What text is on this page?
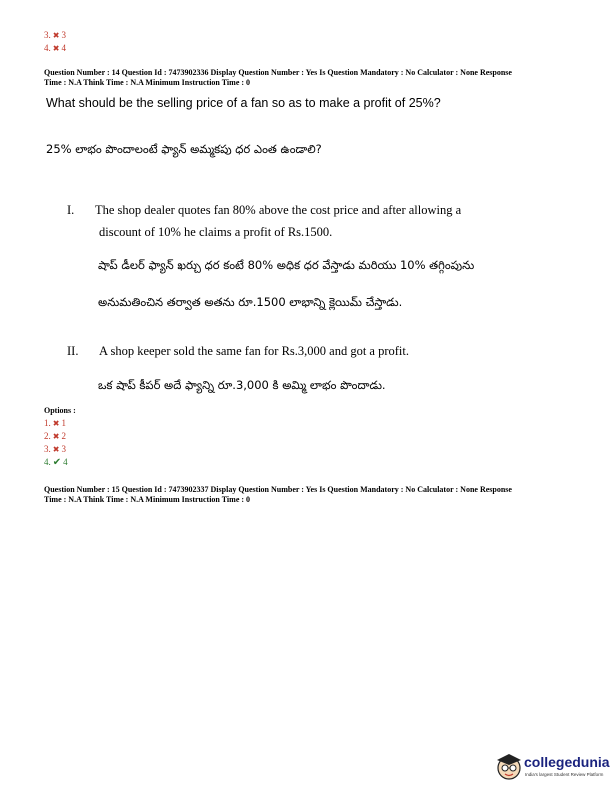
3. ✖ 3
4. ✖ 4
Question Number : 14 Question Id : 7473902336 Display Question Number : Yes Is Question Mandatory : No Calculator : None Response
Time : N.A Think Time : N.A Minimum Instruction Time : 0
What should be the selling price of a fan so as to make a profit of 25%?
25% లాభం పొందాలంటే ఫ్యాన్ అమ్మకపు ధర ఎంత ఉండాలి?
I. The shop dealer quotes fan 80% above the cost price and after allowing a
discount of 10% he claims a profit of Rs.1500.
షాప్ డీలర్ ఫ్యాన్ ఖర్చు ధర కంటే 80% అధిక ధర వేస్తాడు మరియు 10% తగ్గింపును
అనుమతించిన తర్వాత అతను రూ.1500 లాభాన్ని క్లెయిమ్ చేస్తాడు.
II. A shop keeper sold the same fan for Rs.3,000 and got a profit.
ఒక షాప్ కీపర్ అదే ఫ్యాన్ని రూ.3,000 కి అమ్మి లాభం పొందాడు.
Options :
1. ✖ 1
2. ✖ 2
3. ✖ 3
4. ✔ 4
Question Number : 15 Question Id : 7473902337 Display Question Number : Yes Is Question Mandatory : No Calculator : None Response
Time : N.A Think Time : N.A Minimum Instruction Time : 0
collegedunia
India's largest Student Review Platform
